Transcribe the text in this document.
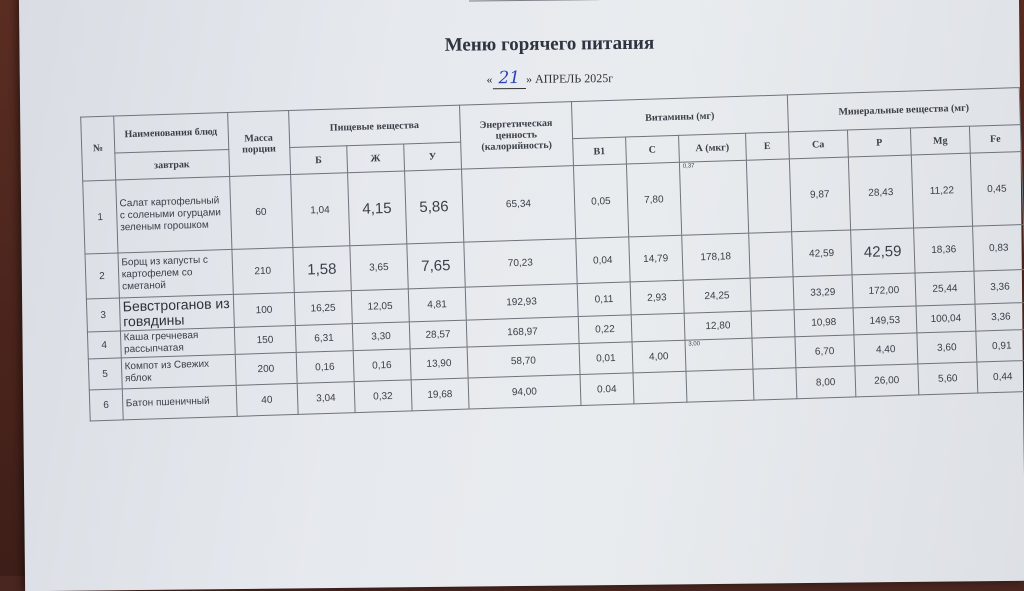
Меню горячего питания
« 21 » АПРЕЛЬ 2025г
№	Наименования блюд	Масса порции	Пищевые вещества			Энергетическая ценность (калорийность)	Витамины (мг)				Минеральные вещества (мг)			
	завтрак		Б	Ж	У		B1	C	А (мкг)	Е	Ca	P	Mg	Fe
1	Салат картофельный с солеными огурцами зеленым горошком	60	1,04	4,15	5,86	65,34	0,05	7,80	0,37		9,87	28,43	11,22	0,45
2	Борщ из капусты с картофелем со сметаной	210	1,58	3,65	7,65	70,23	0,04	14,79	178,18		42,59	42,59	18,36	0,83
3	Бевстроганов из говядины	100	16,25	12,05	4,81	192,93	0,11	2,93	24,25		33,29	172,00	25,44	3,36
4	Каша гречневая рассыпчатая	150	6,31	3,30	28,57	168,97	0,22		12,80		10,98	149,53	100,04	3,36
5	Компот из Свежих яблок	200	0,16	0,16	13,90	58,70	0,01	4,00	3,00		6,70	4,40	3,60	0,91
6	Батон пшеничный	40	3,04	0,32	19,68	94,00	0.04				8,00	26,00	5,60	0,44
